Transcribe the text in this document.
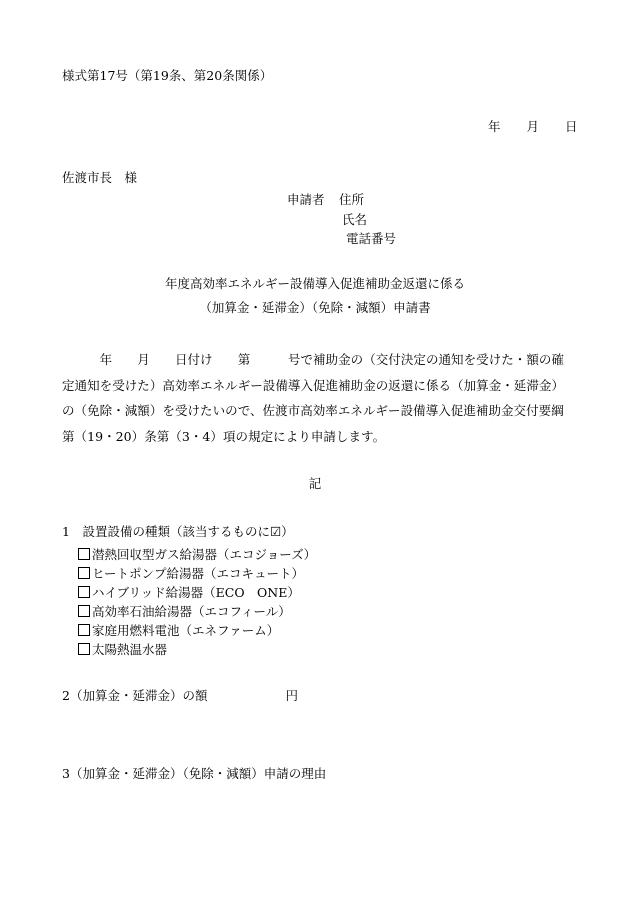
様式第17号（第19条、第20条関係）
年 月 日
佐渡市長　様
申請者	住所
氏名
電話番号
年度高効率エネルギー設備導入促進補助金返還に係る
（加算金・延滞金）（免除・減額）申請書
　　　年　　月　　日付け　　第　　　号で補助金の（交付決定の通知を受けた・額の確定通知を受けた）高効率エネルギー設備導入促進補助金の返還に係る（加算金・延滞金）の（免除・減額）を受けたいので、佐渡市高効率エネルギー設備導入促進補助金交付要綱第（19・20）条第（3・4）項の規定により申請します。
記
1　設置設備の種類（該当するものに☑）
潜熱回収型ガス給湯器（エコジョーズ）
ヒートポンプ給湯器（エコキュート）
ハイブリッド給湯器（ECO　ONE）
高効率石油給湯器（エコフィール）
家庭用燃料電池（エネファーム）
太陽熱温水器
2（加算金・延滞金）の額	円
3（加算金・延滞金）（免除・減額）申請の理由
